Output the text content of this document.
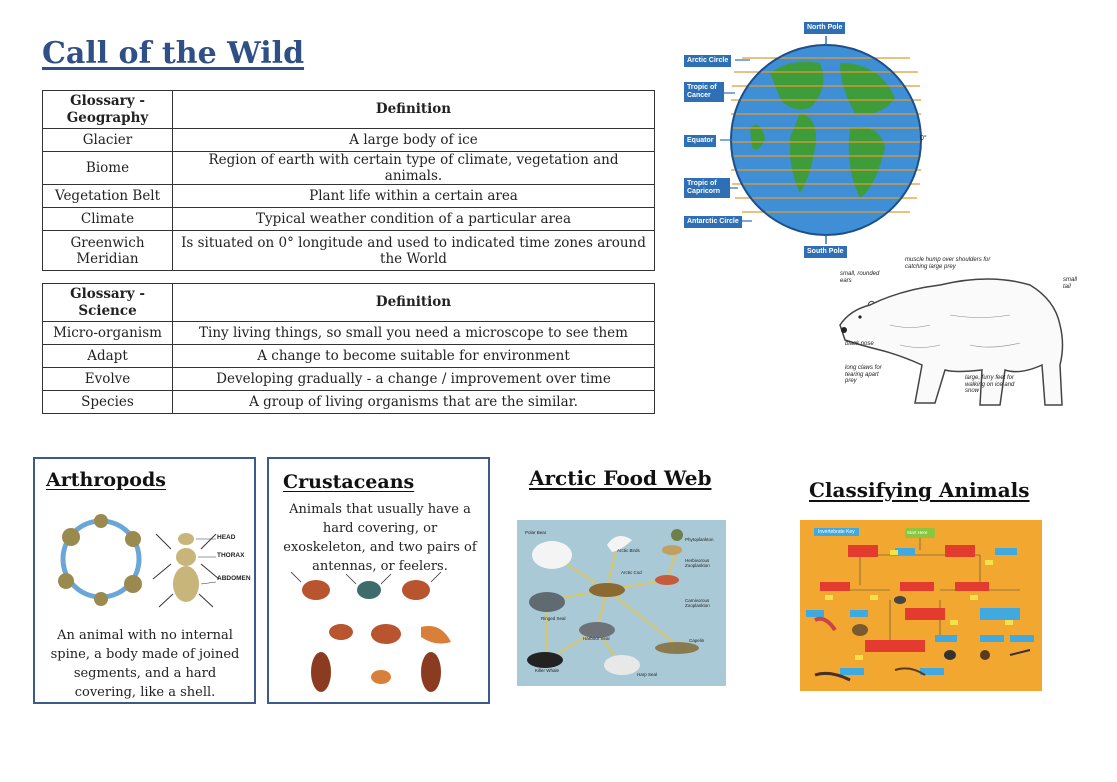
Call of the Wild
Glossary - Geography	Definition
Glacier	A large body of ice
Biome	Region of earth with certain type of climate, vegetation and animals.
Vegetation Belt	Plant life within a certain area
Climate	Typical weather condition of a particular area
Greenwich Meridian	Is situated on 0° longitude and used to indicated time zones around the World
Glossary - Science	Definition
Micro-organism	Tiny living things, so small you need a microscope to see them
Adapt	A change to become suitable for environment
Evolve	Developing gradually - a change / improvement over time
Species	A group of living organisms that are the similar.
North Pole
Arctic Circle
Tropic of Cancer
Equator
Tropic of Capricorn
Antarctic Circle
South Pole
0°
muscle hump over shoulders for catching large prey
small, rounded ears	small tail
black nose
long claws for tearing apart prey
large, furry feet for walking on ice and snow
Arthropods
HEAD
THORAX
ABDOMEN
An animal with no internal spine, a body made of joined segments, and a hard covering, like a shell.
Crustaceans
Animals that usually have a hard covering, or exoskeleton, and two pairs of antennas, or feelers.
Arctic Food Web
Polar Bear
Arctic Birds
Phytoplankton
Herbivorous Zooplankton
Arctic Cod
Carnivorous Zooplankton
Ringed Seal
Harbour Seal	Capelin
Killer Whale
Harp Seal
Classifying Animals
Invertebrate Key	Start Here
